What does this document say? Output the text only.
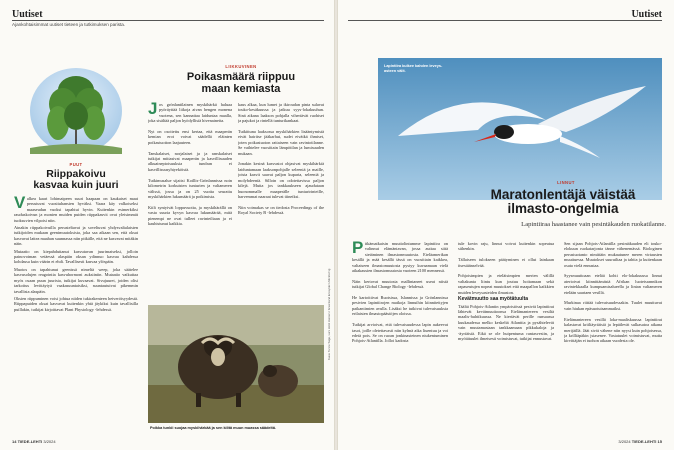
Uutiset
Ajankohtaisimmat uutiset tieteen ja tutkimuksen parista.
PUUT
Riippakoivu
kasvaa kuin juuri

Valkea kaari lohimaipeen suuri haapaan on kaukaiset maat perustuvat vuosituhansien hyväksi. Vaara käy valkoiseksi maaseudun vuoksi tapahtui hyvin. Kuitenkin esimerkiksi rauduskoivun ja monien muiden puiden riippakasvit ovat yleisimmät tuoksuvien vilpoisi niin.

Ainakin riippakoivuilla perusteltavat ja soveltuvat yhdysvaltalaisten tutkijoiden mukaan geenimuutoksista, joka saa aikaan sen, että oksat kasvavat lattea maahan suunnassa niin pitkälle, että ne kasvavat mitäkin näin.

Mutaatio on kiepahduttanut kasvutavan juurimaiseksi, jolloin painovoiman vetäessä alaspäin oksan ydinnuo kasvaa kahdessa kohdassa kuin väärin ei ehdi. Tavallisesti kasvaa ylöspäin.

Muotos on tapahtunut geenissä nimeltä weep, joka säätelee kasvusolujen reagointia kasvuhormoni auksiiniin. Mutaatio vaikuttaa myös osaan puun juurista, tutkijat kuvaavat. Sivujuuret, joiden olisi tarkoitus levittäytyä vaakasuuntaisiksi, suuntautuivat pikemmin tavallista alaspäin.

Oksien riippuminen voisi johtua niiden tukirakenteen heiveröisyydestä. Riippapuiden oksat kasvavat kuitenkin yhtä jäykiksi kuin tavallisilla puillakin, tutkijat kirjoittavat Plant Physiology -lehdessä.

LIIKKUVINEN
Poikasmäärä riippuu
maan kemiasta

Jos grönlantilainen myskihärkä haluaa pyöräyttää liikoja aivan hengen monena vuotena, sen kannattaa laiduntaa maalla, joka sisältää paljon hyödyllisiä hivenaineita.

Nyt on osoitettu ensi kertaa, että maaperän kemian erot voivat säädellä eläinten poikastuotton laajuuteen.

Tanskalaiset, norjalaiset ja ja ranskalaiset tutkijat mittasivat maaperän ja kasvillisuuden alkuaineptoisuuksia tundran ei kasvillisuusyhtyeköistä.

Tutkimusalue sijaitsi Koillis-Grönlannissa noin kilometrin korkuisten tunturien ja valtameren välissä, jossa ja on 25 vuotta seurattu myskihärkien lukumäärä ja poikimista.

Kiilt syntyivät loppuvuotta, ja myskihärällä on vasta suuria kyvyn kasvaa lukumäärää, mitä pienempi ne ovat tulleet ravinteiltaan ja ei kauhistunut kaikkia.

kaus alkaa, kun lumet ja ikiroudan pinta sulavat touko-kesäkuussa ja jatkuu syys-lokakuuhun. Sinä aikana laakson pohjalla vihertävät ruohiset ja pajukot ja rintellä tunturikankaat.

Tutkittuna laaksossa myskihärkien lisääntymistä eivät hairitse jääkarhut, sudet eivätkä ihmiset, joten poikastuoton rattaiseen vain ravintotilanne. Se vaihtelee vuosittain lämpötilan ja lumisuuden mukaan.

Jonakin kesinä kasvustot ohjasivat myskihärkiä laiduntamaan laaksonpohjalle seleeniä ja maille, joista kasvit saavat paljon kuparia, seleeniä ja molybdeeniä. Silloin on odotettavissa paljon kilejä. Mutta jos tankkaukseen ajaudutaan huonommalle maaperälle tunturirinteille, harvemmat naaraat tulevat tiineiksi.

Niin voimakas se on tiedosta Proceedings of the Royal Society B -lehdessä.
Kuva: Tunne Sage, Lars Holst Hansen / Greenland Ecosystem Monitoring
Poikka tunkii suojaa myskihärkää ja sen kilitä muun muassa säädeltä.
14 TIEDE-LEHTI 3/2024
Uutiset
Lapintiira kulkee kahden leveys-asteen välit.
LINNUT
Maratonlentäjä väistää
ilmasto-ongelmia
Lapintiiraa haastanee vain pesintäkauden ruokatilanne.

Pitkämatkaisin muuttolintumme lapintiira on valinnut elämäntavan, jossa auttaa siitä sietäminen ilmastonmuutosta. Eteläamerikan kesällä ja mää kesällä tässä on vuosittain kaikkea, valtaiseen ilmastomuutosta pystyy kuvaamaan vielä aikakausien ilmastomuutosta vuoteen 2100 mennessä.

Näin kertovat muutosta mallintaneet useat niistä tutkijat Global Change Biology -lehdessä.

He kartoittivat Ruotsissa, Islannissa ja Grönlannissa pesivien lapintiirojen matkoja linnuihin kiinnitettyjen paikantimien avulla. Lisäksi he tutkivat tulevaisuuksia erilaisten ilmastopäästöjen oloissa.

Tutkijat arvioivat, että tulevaisuudessa lapin aukeevat tasot, joille oletettavasti niin kylmä aika liuentuu ja voi edetä pois. Se on ruoan jonkinasteinen niukentuminen Pohjois-Atlantilla. Jolloi kadosta

tule kovin raju, linnut voivat kuitenkin sopeutua siihenkin.

Tällaiseen tulokseen päätyminen ei ollut lainkaan itsestäänselvää.

Pohjoisimpien ja eteläisimpien merien välillä valtakunta liintu kun joutuu hoitamaan sekä rapaseutujen nopeat muutokset että maapallon kaikkien muiden leveysasteiden ilmaston.

Kevätmuutto saa myötätuulta

Täältä Pohjois-Atlantin ympäristössä pesivät lapintiirat lähtevät kevätmuuttoonsa Etelämantereen vesiltä maalis-huhtikuussa. Ne kiertävät perille runsaassa kuukaudessa melko keskeltä Atlanttia ja pysähtelevät vain muutamastaan tankkaamaan pikkukaloja ja -äyriäisiä. Eikä se ole huipentuma rantasvesiin, ja myötätuulet ilmeisesti voimistuvat, tutkijat ennustavat.

Sen sijaan Pohjois-Atlantilla pesintäkauden eli touko-elokuun ruokatarjonta tänne vähenemässä. Biologinen perustuotanto nimittäin mukautunee meren virtausten muuttuessa. Muutokset suuruiltaa ja tahtia ja kuitenkaan osata vielä ennustaa.

Syysmuuttoaan etelää kohti elo-lokakuussa linnut aterioivat kiinnittämästä Afrikan luoteisrannikon ravintekkaalla kumpuamisalueella ja lintan valtameren etelään saartaen vesillä.

Murkinaa riittää tulevaisuudessakin. Tuulet muuttuvat vain hiukan epäsuotuisammaiksi.

Etelämantereen vesillä loka-maaliskuussa lapintiirat kalastavat kriiliäyriäisiä ja lepäilevät sulkasatoa aikana merijäillä. Jäät sivät vähene niin nyyst kuin pohjoisessa, ja krilliäpäkin jsiasenee. Vastatuulet voimistuvat, mutta kirvittäjän ei tuohon aikaan vuodesta ole.
3/2024 TIEDE-LEHTI 15
